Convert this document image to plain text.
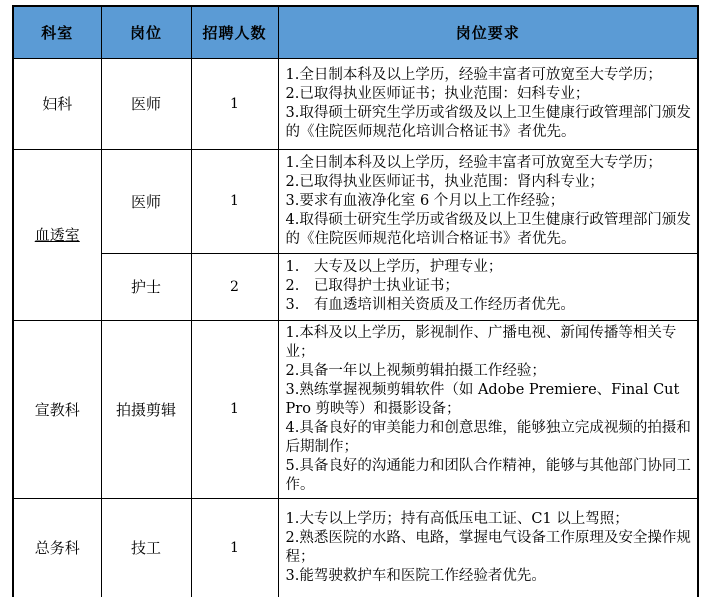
科室	岗位	招聘人数	岗位要求
妇科	医师	1	1.全日制本科及以上学历，经验丰富者可放宽至大专学历；
2.已取得执业医师证书；执业范围：妇科专业；
3.取得硕士研究生学历或省级及以上卫生健康行政管理部门颁发的《住院医师规范化培训合格证书》者优先。

血透室	医师	1	1.全日制本科及以上学历，经验丰富者可放宽至大专学历；
2.已取得执业医师证书，执业范围：肾内科专业；
3.要求有血液净化室 6 个月以上工作经验；
4.取得硕士研究生学历或省级及以上卫生健康行政管理部门颁发的《住院医师规范化培训合格证书》者优先。

	护士	2	1.　大专及以上学历，护理专业；
2.　已取得护士执业证书；
3.　有血透培训相关资质及工作经历者优先。

宣教科	拍摄剪辑	1	1.本科及以上学历，影视制作、广播电视、新闻传播等相关专业；
2.具备一年以上视频剪辑拍摄工作经验；
3.熟练掌握视频剪辑软件（如 Adobe Premiere、Final Cut Pro 剪映等）和摄影设备；
4.具备良好的审美能力和创意思维，能够独立完成视频的拍摄和后期制作；
5.具备良好的沟通能力和团队合作精神，能够与其他部门协同工作。

总务科	技工	1	1.大专以上学历；持有高低压电工证、C1 以上驾照；
2.熟悉医院的水路、电路，掌握电气设备工作原理及安全操作规程；
3.能驾驶救护车和医院工作经验者优先。
